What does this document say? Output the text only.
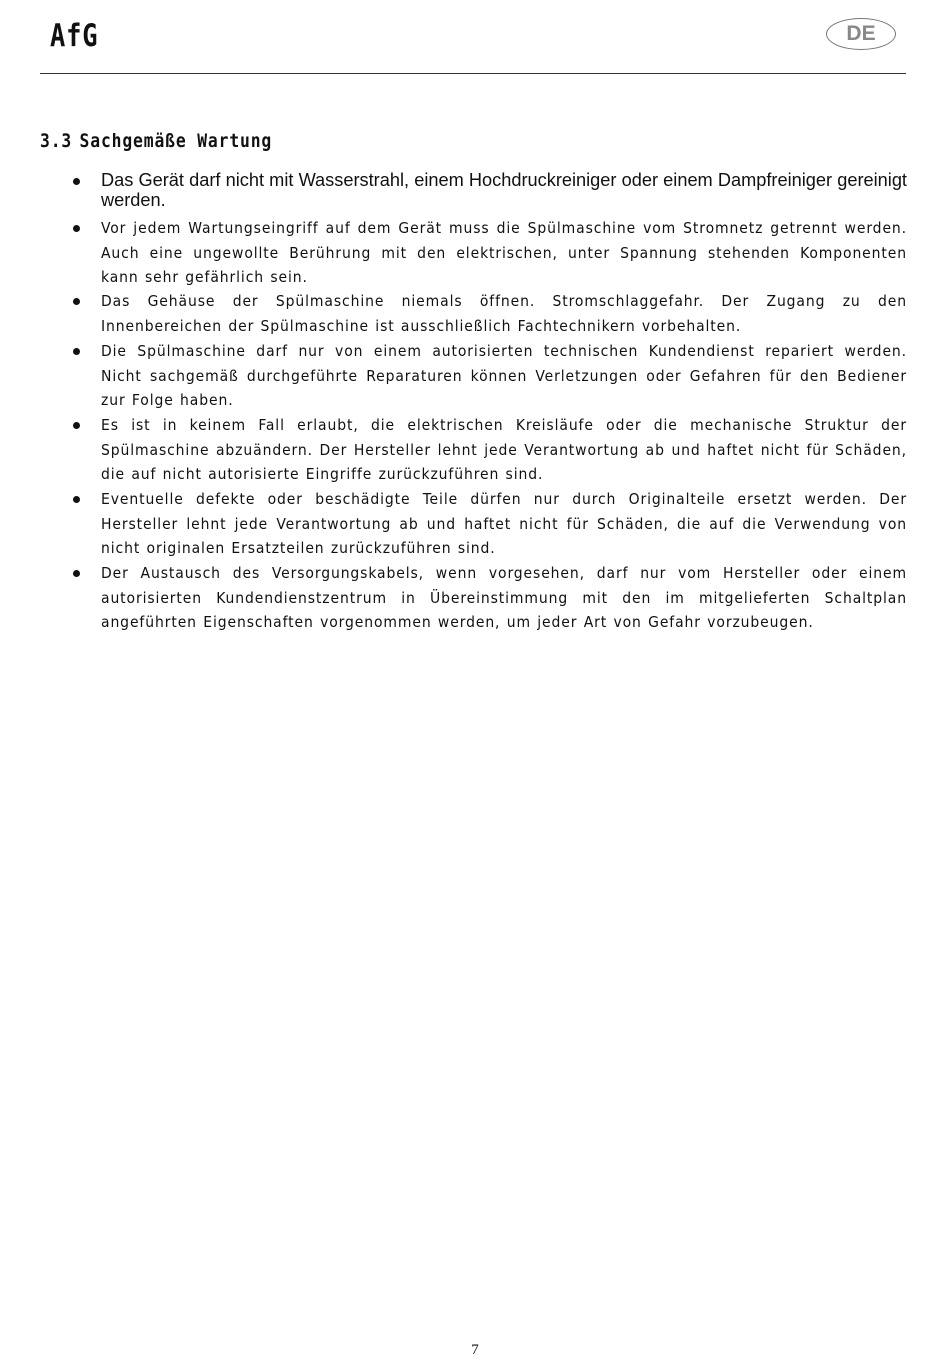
AfG	DE
3.3 Sachgemäße Wartung
Das Gerät darf nicht mit Wasserstrahl, einem Hochdruckreiniger oder einem Dampfreiniger gereinigt werden.
Vor jedem Wartungseingriff auf dem Gerät muss die Spülmaschine vom Stromnetz getrennt werden. Auch eine ungewollte Berührung mit den elektrischen, unter Spannung stehenden Komponenten kann sehr gefährlich sein.
Das Gehäuse der Spülmaschine niemals öffnen. Stromschlaggefahr. Der Zugang zu den Innenbereichen der Spülmaschine ist ausschließlich Fachtechnikern vorbehalten.
Die Spülmaschine darf nur von einem autorisierten technischen Kundendienst repariert werden. Nicht sachgemäß durchgeführte Reparaturen können Verletzungen oder Gefahren für den Bediener zur Folge haben.
Es ist in keinem Fall erlaubt, die elektrischen Kreisläufe oder die mechanische Struktur der Spülmaschine abzuändern. Der Hersteller lehnt jede Verantwortung ab und haftet nicht für Schäden, die auf nicht autorisierte Eingriffe zurückzuführen sind.
Eventuelle defekte oder beschädigte Teile dürfen nur durch Originalteile ersetzt werden. Der Hersteller lehnt jede Verantwortung ab und haftet nicht für Schäden, die auf die Verwendung von nicht originalen Ersatzteilen zurückzuführen sind.
Der Austausch des Versorgungskabels, wenn vorgesehen, darf nur vom Hersteller oder einem autorisierten Kundendienstzentrum in Übereinstimmung mit den im mitgelieferten Schaltplan angeführten Eigenschaften vorgenommen werden, um jeder Art von Gefahr vorzubeugen.
7
